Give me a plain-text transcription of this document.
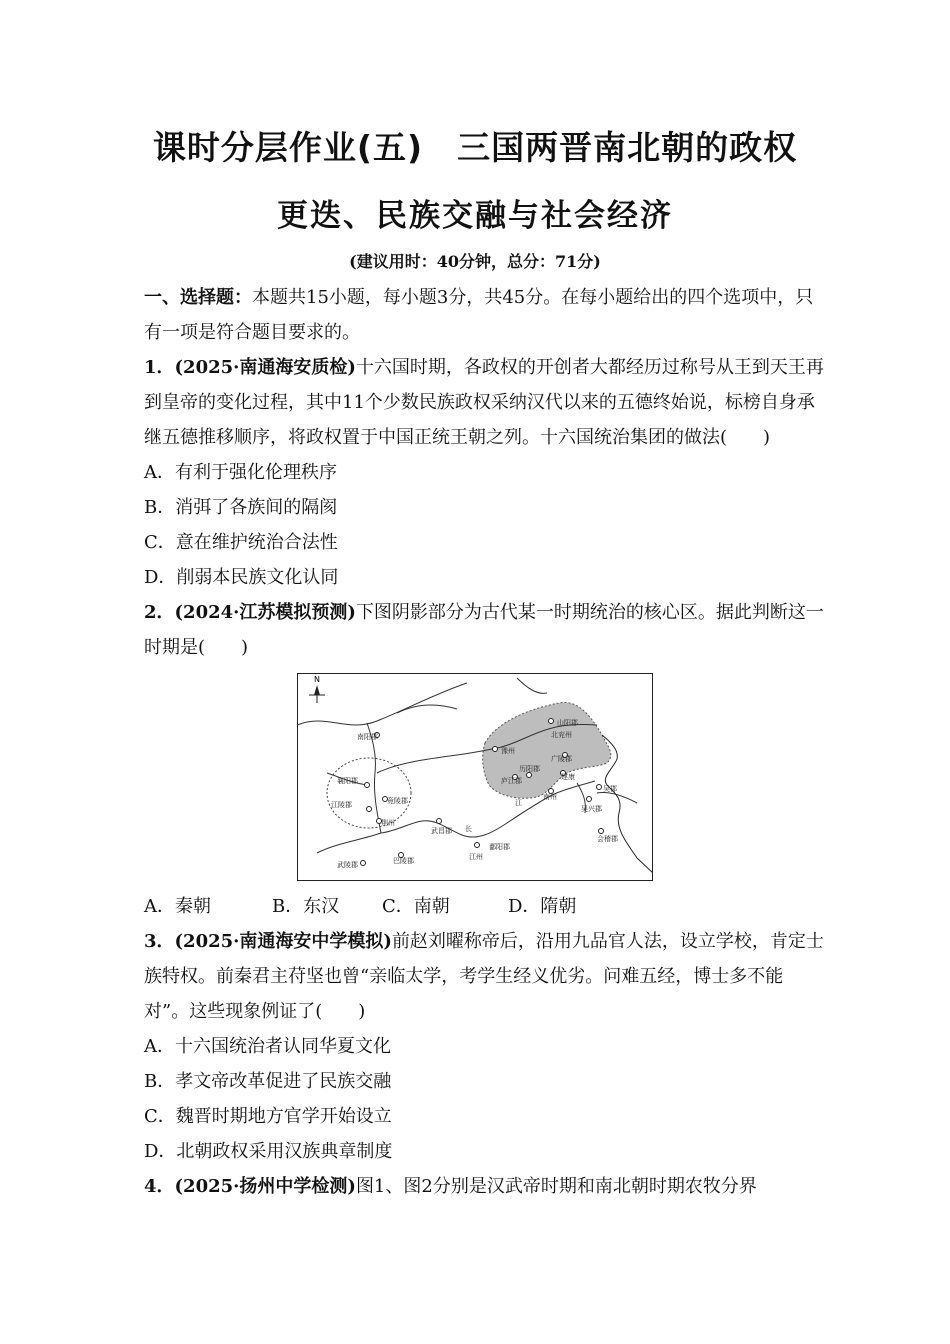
课时分层作业(五)　三国两晋南北朝的政权
更迭、民族交融与社会经济
(建议用时：40分钟，总分：71分)

一、选择题：本题共15小题，每小题3分，共45分。在每小题给出的四个选项中，只有一项是符合题目要求的。

1．(2025·南通海安质检)十六国时期，各政权的开创者大都经历过称号从王到天王再到皇帝的变化过程，其中11个少数民族政权采纳汉代以来的五德终始说，标榜自身承继五德推移顺序，将政权置于中国正统王朝之列。十六国统治集团的做法(　　)

A．有利于强化伦理秩序

B．消弭了各族间的隔阂

C．意在维护统治合法性

D．削弱本民族文化认同

2．(2024·江苏模拟预测)下图阴影部分为古代某一时期统治的核心区。据此判断这一时期是(　　)

N
南阳郡
襄阳郡
竟陵郡
江陵郡
荆州
武昌郡
巴陵郡
武陵郡
江州
鄱阳郡
长
江
豫州
历阳郡
庐江郡
南州
建康
广陵郡
山阳郡
北兖州
吴郡
吴兴郡
会稽郡
A．秦朝	B．东汉	C．南朝	D．隋朝

3．(2025·南通海安中学模拟)前赵刘曜称帝后，沿用九品官人法，设立学校，肯定士族特权。前秦君主苻坚也曾“亲临太学，考学生经义优劣。问难五经，博士多不能对”。这些现象例证了(　　)

A．十六国统治者认同华夏文化

B．孝文帝改革促进了民族交融

C．魏晋时期地方官学开始设立

D．北朝政权采用汉族典章制度

4．(2025·扬州中学检测)图1、图2分别是汉武帝时期和南北朝时期农牧分界
